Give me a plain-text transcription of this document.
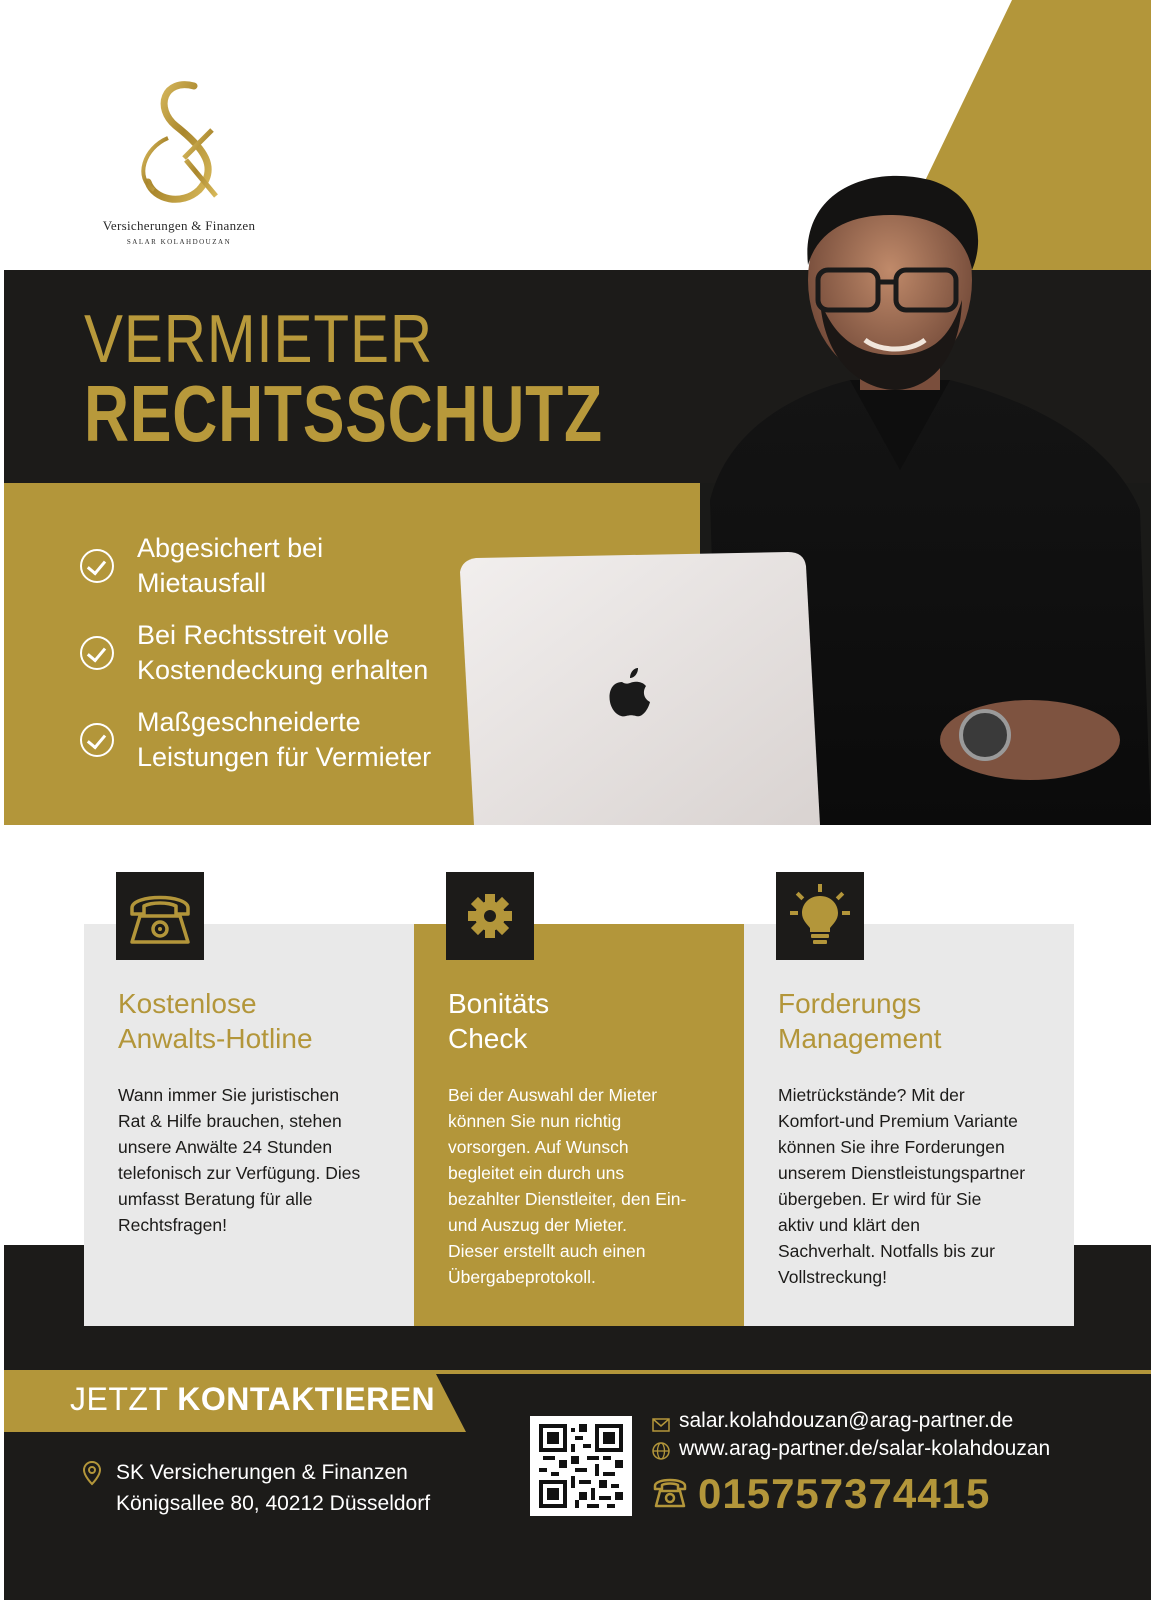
Versicherungen & Finanzen
SALAR KOLAHDOUZAN
VERMIETER
RECHTSSCHUTZ
Abgesichert bei
Mietausfall
Bei Rechtsstreit volle
Kostendeckung erhalten
Maßgeschneiderte
Leistungen für Vermieter
Kostenlose
Anwalts-Hotline

Wann immer Sie juristischen
Rat & Hilfe brauchen, stehen
unsere Anwälte 24 Stunden
telefonisch zur Verfügung. Dies
umfasst Beratung für alle
Rechtsfragen!

Bonitäts
Check

Bei der Auswahl der Mieter
können Sie nun richtig
vorsorgen. Auf Wunsch
begleitet ein durch uns
bezahlter Dienstleiter, den Ein-
und Auszug der Mieter.
Dieser erstellt auch einen
Übergabeprotokoll.

Forderungs
Management

Mietrückstände? Mit der
Komfort-und Premium Variante
können Sie ihre Forderungen
unserem Dienstleistungspartner
übergeben. Er wird für Sie
aktiv und klärt den
Sachverhalt. Notfalls bis zur
Vollstreckung!

JETZT KONTAKTIEREN
SK Versicherungen & Finanzen
Königsallee 80, 40212 Düsseldorf
salar.kolahdouzan@arag-partner.de
www.arag-partner.de/salar-kolahdouzan
015757374415
